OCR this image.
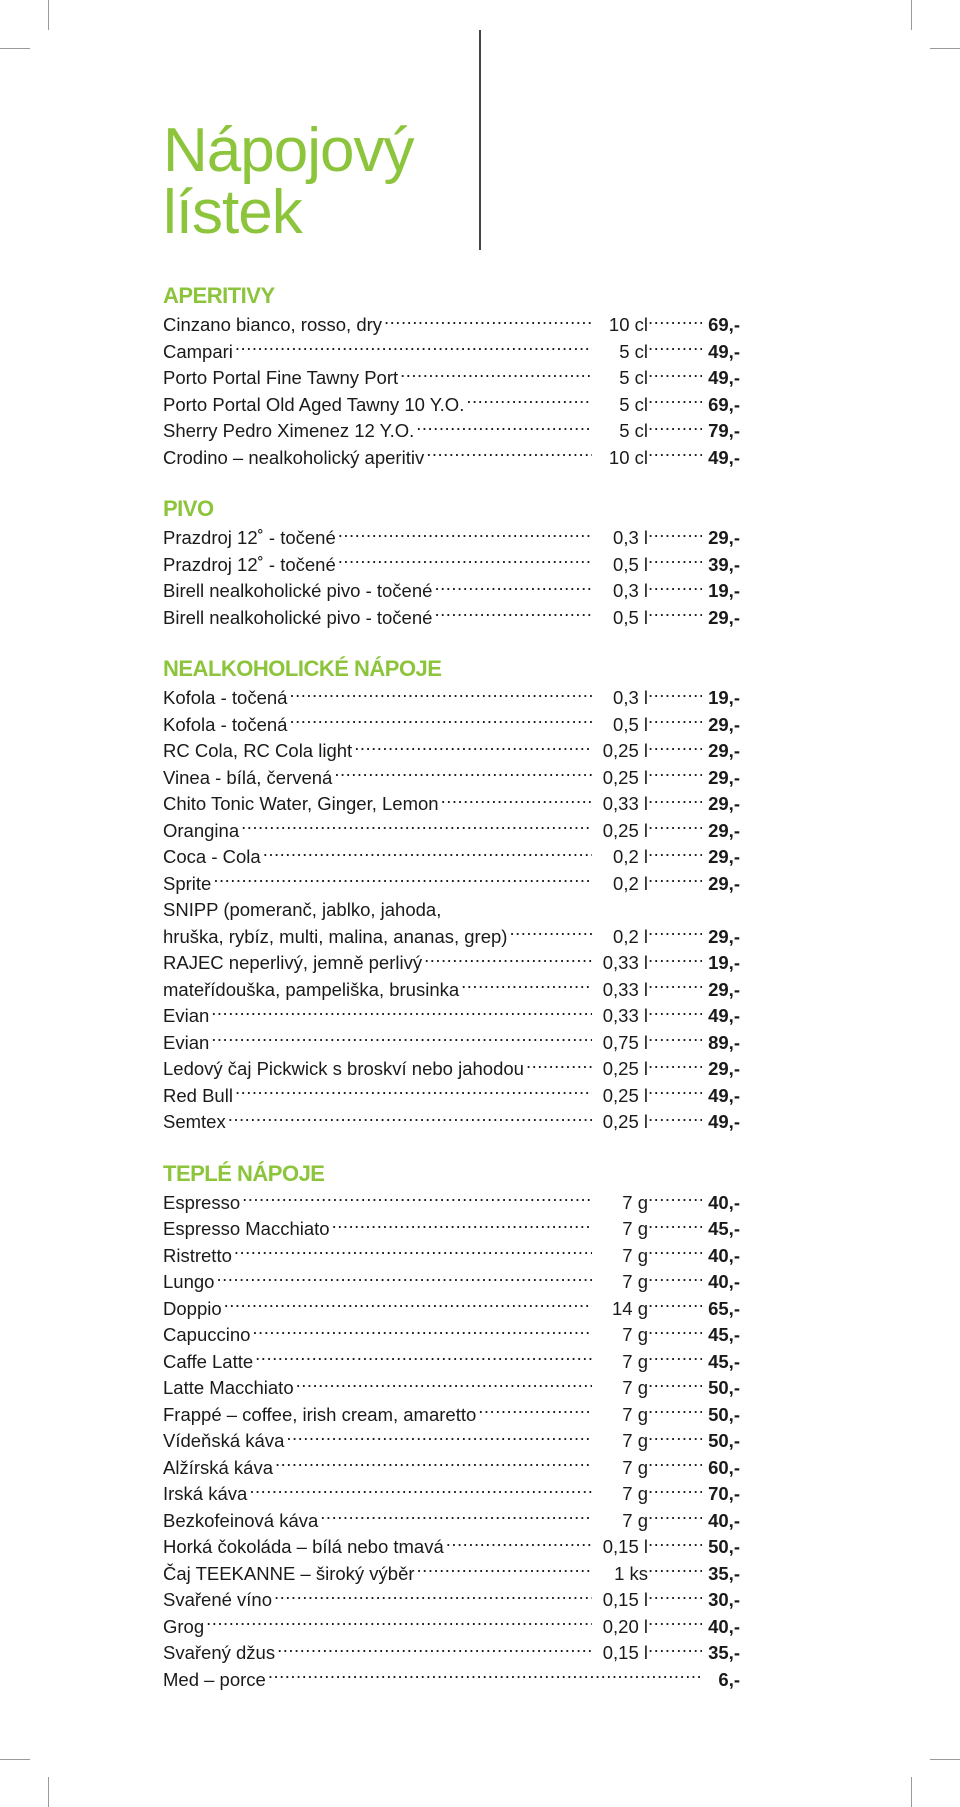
Nápojový
lístek
APERITIVY
Cinzano bianco, rosso, dry .....	10 cl .....	69,-
Campari .....	5 cl .....	49,-
Porto Portal Fine Tawny Port .....	5 cl .....	49,-
Porto Portal Old Aged Tawny 10 Y.O. .....	5 cl .....	69,-
Sherry Pedro Ximenez 12 Y.O. .....	5 cl .....	79,-
Crodino – nealkoholický aperitiv .....	10 cl .....	49,-
PIVO
Prazdroj 12˚ - točené .....	0,3 l .....	29,-
Prazdroj 12˚ - točené .....	0,5 l .....	39,-
Birell nealkoholické pivo - točené .....	0,3 l .....	19,-
Birell nealkoholické pivo - točené .....	0,5 l .....	29,-
NEALKOHOLICKÉ NÁPOJE
Kofola - točená .....	0,3 l .....	19,-
Kofola - točená .....	0,5 l .....	29,-
RC Cola, RC Cola light .....	0,25 l .....	29,-
Vinea - bílá, červená .....	0,25 l .....	29,-
Chito Tonic Water, Ginger, Lemon .....	0,33 l .....	29,-
Orangina .....	0,25 l .....	29,-
Coca - Cola .....	0,2 l .....	29,-
Sprite .....	0,2 l .....	29,-
SNIPP (pomeranč, jablko, jahoda,
hruška, rybíz, multi, malina, ananas, grep) .....	0,2 l .....	29,-
RAJEC neperlivý, jemně perlivý .....	0,33 l .....	19,-
mateřídouška, pampeliška, brusinka .....	0,33 l .....	29,-
Evian .....	0,33 l .....	49,-
Evian .....	0,75 l .....	89,-
Ledový čaj Pickwick s broskví nebo jahodou .....	0,25 l .....	29,-
Red Bull .....	0,25 l .....	49,-
Semtex .....	0,25 l .....	49,-
TEPLÉ NÁPOJE
Espresso .....	7 g .....	40,-
Espresso Macchiato .....	7 g .....	45,-
Ristretto .....	7 g .....	40,-
Lungo .....	7 g .....	40,-
Doppio .....	14 g .....	65,-
Capuccino .....	7 g .....	45,-
Caffe Latte .....	7 g .....	45,-
Latte Macchiato .....	7 g .....	50,-
Frappé – coffee, irish cream, amaretto .....	7 g .....	50,-
Vídeňská káva .....	7 g .....	50,-
Alžírská káva .....	7 g .....	60,-
Irská káva .....	7 g .....	70,-
Bezkofeinová káva .....	7 g .....	40,-
Horká čokoláda – bílá nebo tmavá .....	0,15 l .....	50,-
Čaj TEEKANNE – široký výběr .....	1 ks .....	35,-
Svařené víno .....	0,15 l .....	30,-
Grog .....	0,20 l .....	40,-
Svařený džus .....	0,15 l .....	35,-
Med – porce .....	6,-
